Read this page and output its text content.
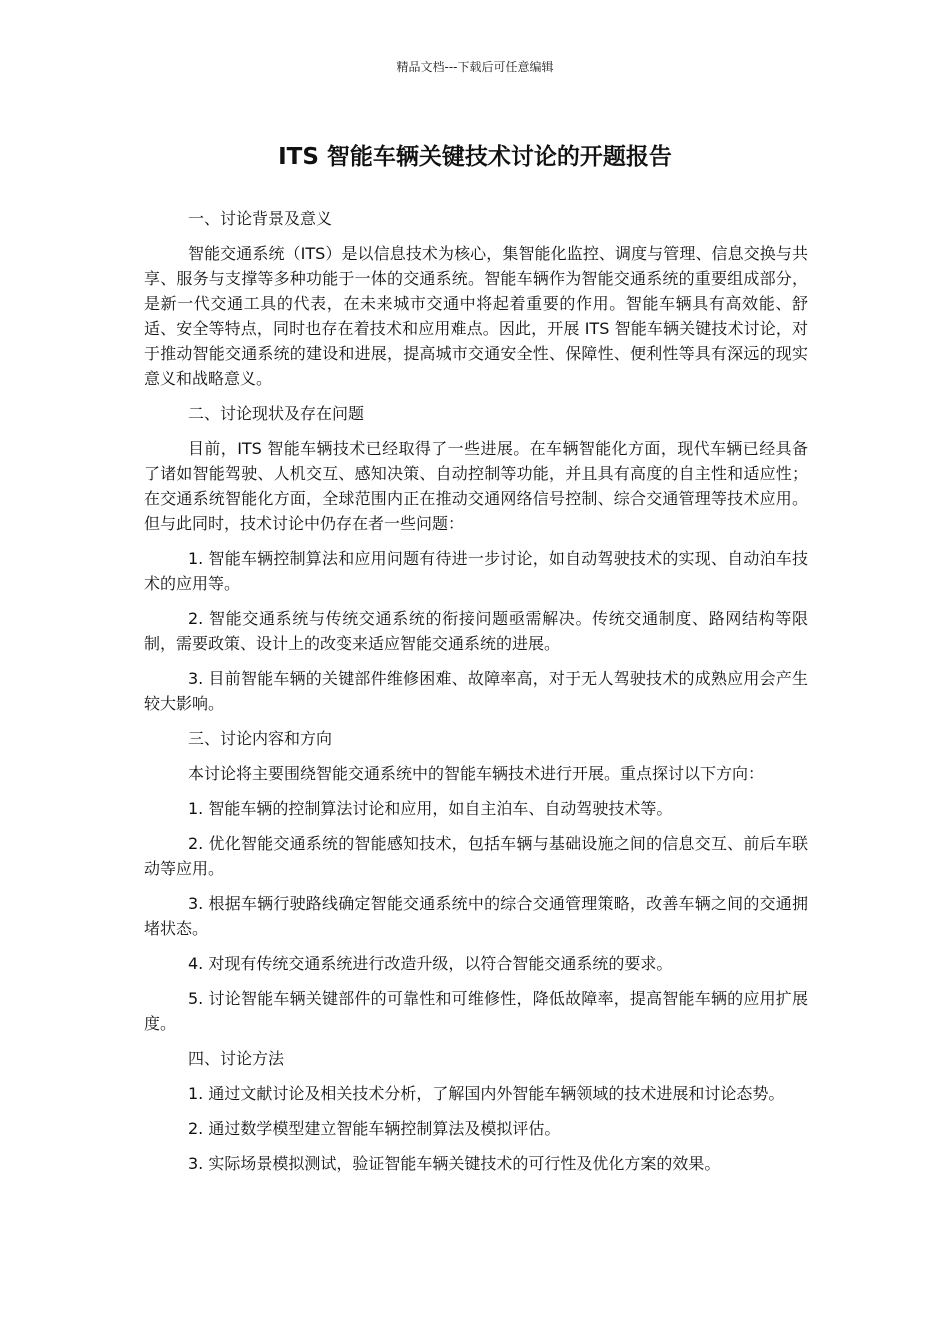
精品文档---下载后可任意编辑
ITS 智能车辆关键技术讨论的开题报告

一、讨论背景及意义

智能交通系统（ITS）是以信息技术为核心，集智能化监控、调度与管理、信息交换与共享、服务与支撑等多种功能于一体的交通系统。智能车辆作为智能交通系统的重要组成部分，是新一代交通工具的代表，在未来城市交通中将起着重要的作用。智能车辆具有高效能、舒适、安全等特点，同时也存在着技术和应用难点。因此，开展 ITS 智能车辆关键技术讨论，对于推动智能交通系统的建设和进展，提高城市交通安全性、保障性、便利性等具有深远的现实意义和战略意义。

二、讨论现状及存在问题

目前，ITS 智能车辆技术已经取得了一些进展。在车辆智能化方面，现代车辆已经具备了诸如智能驾驶、人机交互、感知决策、自动控制等功能，并且具有高度的自主性和适应性；在交通系统智能化方面，全球范围内正在推动交通网络信号控制、综合交通管理等技术应用。但与此同时，技术讨论中仍存在者一些问题：

1. 智能车辆控制算法和应用问题有待进一步讨论，如自动驾驶技术的实现、自动泊车技术的应用等。

2. 智能交通系统与传统交通系统的衔接问题亟需解决。传统交通制度、路网结构等限制，需要政策、设计上的改变来适应智能交通系统的进展。

3. 目前智能车辆的关键部件维修困难、故障率高，对于无人驾驶技术的成熟应用会产生较大影响。

三、讨论内容和方向

本讨论将主要围绕智能交通系统中的智能车辆技术进行开展。重点探讨以下方向：

1. 智能车辆的控制算法讨论和应用，如自主泊车、自动驾驶技术等。

2. 优化智能交通系统的智能感知技术，包括车辆与基础设施之间的信息交互、前后车联动等应用。

3. 根据车辆行驶路线确定智能交通系统中的综合交通管理策略，改善车辆之间的交通拥堵状态。

4. 对现有传统交通系统进行改造升级，以符合智能交通系统的要求。

5. 讨论智能车辆关键部件的可靠性和可维修性，降低故障率，提高智能车辆的应用扩展度。

四、讨论方法

1. 通过文献讨论及相关技术分析，了解国内外智能车辆领域的技术进展和讨论态势。

2. 通过数学模型建立智能车辆控制算法及模拟评估。

3. 实际场景模拟测试，验证智能车辆关键技术的可行性及优化方案的效果。
